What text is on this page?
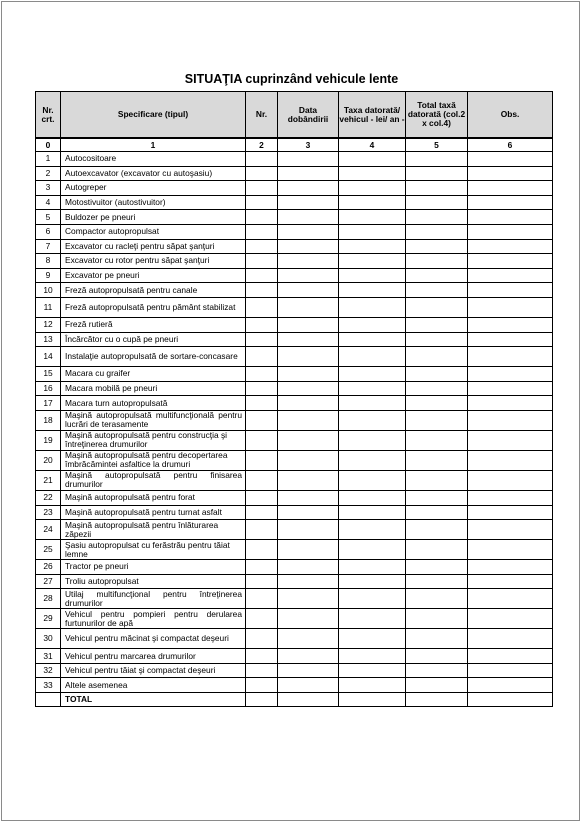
SITUAŢIA cuprinzând vehicule lente
Nr. crt.	Specificare (tipul)	Nr.	Data dobândirii	Taxa datorată/ vehicul - lei/ an -	Total taxă datorată (col.2 x col.4)	Obs.
0	1	2	3	4	5	6
1	Autocositoare					
2	Autoexcavator (excavator cu autoşasiu)					
3	Autogreper					
4	Motostivuitor (autostivuitor)					
5	Buldozer pe pneuri					
6	Compactor autopropulsat					
7	Excavator cu racleţi pentru săpat şanţuri					
8	Excavator cu rotor pentru săpat şanţuri					
9	Excavator pe pneuri					
10	Freză autopropulsată pentru canale					
11	Freză autopropulsată pentru pământ stabilizat					
12	Freză rutieră					
13	Încărcător cu o cupă pe pneuri					
14	Instalaţie autopropulsată de sortare-concasare					
15	Macara cu graifer					
16	Macara mobilă pe pneuri					
17	Macara turn autopropulsată					
18	Maşină autopropulsată multifuncţională pentru lucrări de terasamente					
19	Maşină autopropulsată pentru construcţia şi întreţinerea drumurilor					
20	Maşină autopropulsată pentru decopertarea îmbrăcămintei asfaltice la drumuri					
21	Maşină autopropulsată pentru finisarea drumurilor					
22	Maşină autopropulsată pentru forat					
23	Maşină autopropulsată pentru turnat asfalt					
24	Maşină autopropulsată pentru înlăturarea zăpezii					
25	Şasiu autopropulsat cu ferăstrău pentru tăiat lemne					
26	Tractor pe pneuri					
27	Troliu autopropulsat					
28	Utilaj multifuncţional pentru întreţinerea drumurilor					
29	Vehicul pentru pompieri pentru derularea furtunurilor de apă					
30	Vehicul pentru măcinat şi compactat deşeuri					
31	Vehicul pentru marcarea drumurilor					
32	Vehicul pentru tăiat şi compactat deşeuri					
33	Altele asemenea					
	TOTAL					
